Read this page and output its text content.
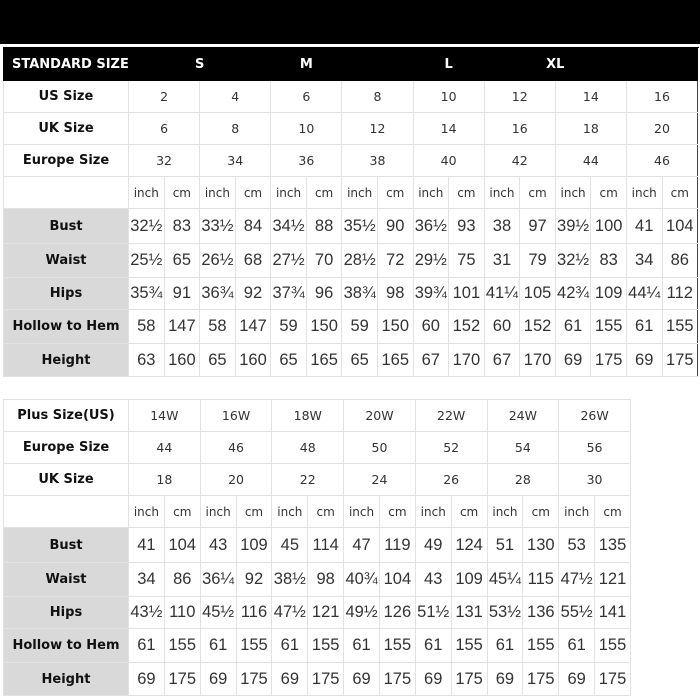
STANDARD SIZE		S		M				L				XL				
US Size	2		4		6		8		10		12		14		16	
UK Size	6		8		10		12		14		16		18		20	
Europe Size	32		34		36		38		40		42		44		46	
	inch	cm	inch	cm	inch	cm	inch	cm	inch	cm	inch	cm	inch	cm	inch	cm
Bust	32½	83	33½	84	34½	88	35½	90	36½	93	38	97	39½	100	41	104
Waist	25½	65	26½	68	27½	70	28½	72	29½	75	31	79	32½	83	34	86
Hips	35¾	91	36¾	92	37¾	96	38¾	98	39¾	101	41¼	105	42¾	109	44¼	112
Hollow to Hem	58	147	58	147	59	150	59	150	60	152	60	152	61	155	61	155
Height	63	160	65	160	65	165	65	165	67	170	67	170	69	175	69	175
Plus Size(US)	14W		16W		18W		20W		22W		24W		26W	
Europe Size	44		46		48		50		52		54		56	
UK Size	18		20		22		24		26		28		30	
	inch	cm	inch	cm	inch	cm	inch	cm	inch	cm	inch	cm	inch	cm
Bust	41	104	43	109	45	114	47	119	49	124	51	130	53	135
Waist	34	86	36¼	92	38½	98	40¾	104	43	109	45¼	115	47½	121
Hips	43½	110	45½	116	47½	121	49½	126	51½	131	53½	136	55½	141
Hollow to Hem	61	155	61	155	61	155	61	155	61	155	61	155	61	155
Height	69	175	69	175	69	175	69	175	69	175	69	175	69	175
